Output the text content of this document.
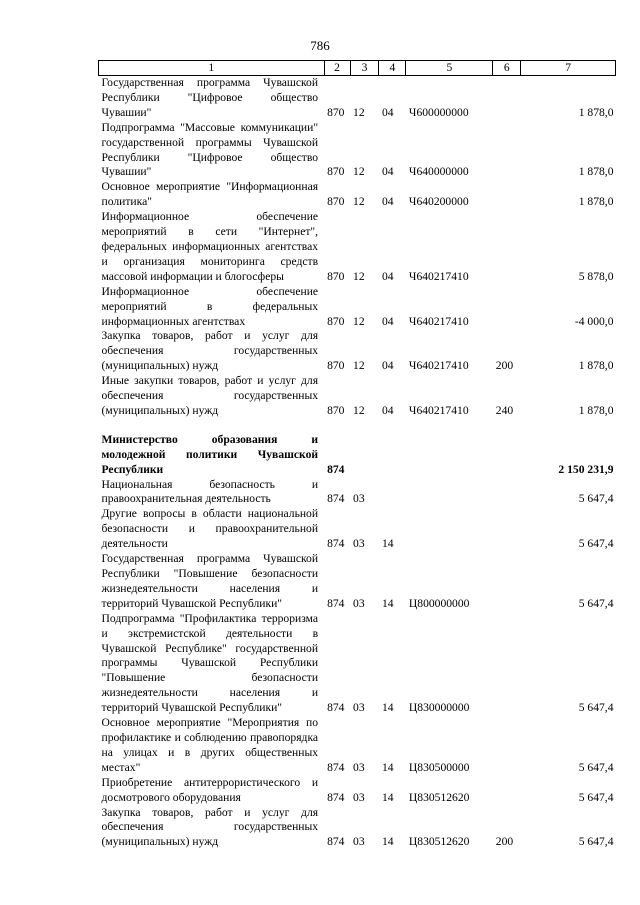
786
1	2	3	4	5	6	7
Государственная программа Чувашской Республики "Цифровое общество Чувашии"	870	12	04	Ч600000000		1 878,0
Подпрограмма "Массовые коммуникации" государственной программы Чувашской Республики "Цифровое общество Чувашии"	870	12	04	Ч640000000		1 878,0
Основное мероприятие "Информационная политика"	870	12	04	Ч640200000		1 878,0
Информационное обеспечение мероприятий в сети "Интернет", федеральных информационных агентствах и организация мониторинга средств массовой информации и блогосферы	870	12	04	Ч640217410		5 878,0
Информационное обеспечение мероприятий в федеральных информационных агентствах	870	12	04	Ч640217410		-4 000,0
Закупка товаров, работ и услуг для обеспечения государственных (муниципальных) нужд	870	12	04	Ч640217410	200	1 878,0
Иные закупки товаров, работ и услуг для обеспечения государственных (муниципальных) нужд	870	12	04	Ч640217410	240	1 878,0

Министерство образования и молодежной политики Чувашской Республики	874					2 150 231,9
Национальная безопасность и правоохранительная деятельность	874	03				5 647,4
Другие вопросы в области национальной безопасности и правоохранительной деятельности	874	03	14			5 647,4
Государственная программа Чувашской Республики "Повышение безопасности жизнедеятельности населения и территорий Чувашской Республики"	874	03	14	Ц800000000		5 647,4
Подпрограмма "Профилактика терроризма и экстремистской деятельности в Чувашской Республике" государственной программы Чувашской Республики "Повышение безопасности жизнедеятельности населения и территорий Чувашской Республики"	874	03	14	Ц830000000		5 647,4
Основное мероприятие "Мероприятия по профилактике и соблюдению правопорядка на улицах и в других общественных местах"	874	03	14	Ц830500000		5 647,4
Приобретение антитеррористического и досмотрового оборудования	874	03	14	Ц830512620		5 647,4
Закупка товаров, работ и услуг для обеспечения государственных (муниципальных) нужд	874	03	14	Ц830512620	200	5 647,4
